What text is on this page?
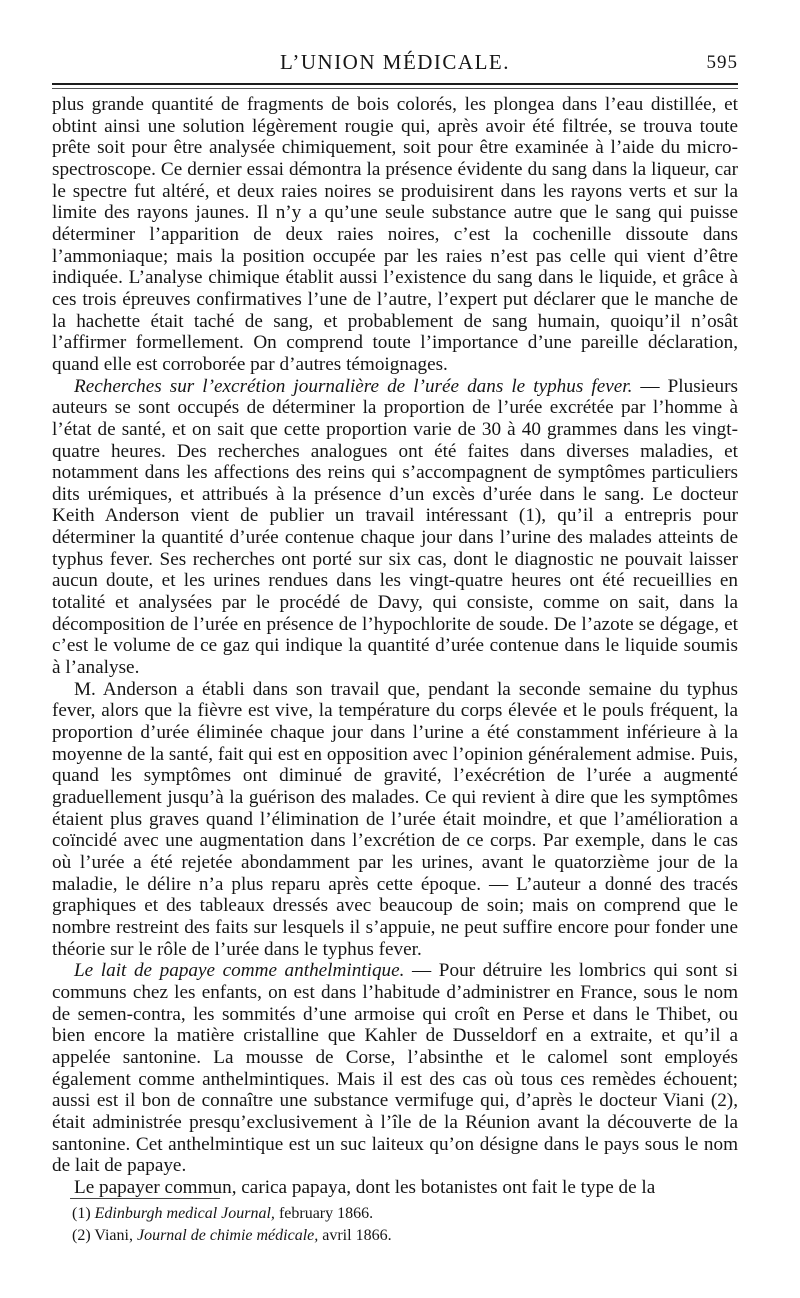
L’UNION MÉDICALE.	595

plus grande quantité de fragments de bois colorés, les plongea dans l’eau distillée, et obtint ainsi une solution légèrement rougie qui, après avoir été filtrée, se trouva toute prête soit pour être analysée chimiquement, soit pour être examinée à l’aide du micro-spectroscope. Ce dernier essai démontra la présence évidente du sang dans la liqueur, car le spectre fut altéré, et deux raies noires se produisirent dans les rayons verts et sur la limite des rayons jaunes. Il n’y a qu’une seule substance autre que le sang qui puisse déterminer l’apparition de deux raies noires, c’est la cochenille dissoute dans l’ammoniaque; mais la position occupée par les raies n’est pas celle qui vient d’être indiquée. L’analyse chimique établit aussi l’existence du sang dans le liquide, et grâce à ces trois épreuves confirmatives l’une de l’autre, l’expert put déclarer que le manche de la hachette était taché de sang, et probablement de sang humain, quoiqu’il n’osât l’affirmer formellement. On comprend toute l’importance d’une pareille déclaration, quand elle est corroborée par d’autres témoignages.

Recherches sur l’excrétion journalière de l’urée dans le typhus fever. — Plusieurs auteurs se sont occupés de déterminer la proportion de l’urée excrétée par l’homme à l’état de santé, et on sait que cette proportion varie de 30 à 40 grammes dans les vingt-quatre heures. Des recherches analogues ont été faites dans diverses maladies, et notamment dans les affections des reins qui s’accompagnent de symptômes particuliers dits urémiques, et attribués à la présence d’un excès d’urée dans le sang. Le docteur Keith Anderson vient de publier un travail intéressant (1), qu’il a entrepris pour déterminer la quantité d’urée contenue chaque jour dans l’urine des malades atteints de typhus fever. Ses recherches ont porté sur six cas, dont le diagnostic ne pouvait laisser aucun doute, et les urines rendues dans les vingt-quatre heures ont été recueillies en totalité et analysées par le procédé de Davy, qui consiste, comme on sait, dans la décomposition de l’urée en présence de l’hypochlorite de soude. De l’azote se dégage, et c’est le volume de ce gaz qui indique la quantité d’urée contenue dans le liquide soumis à l’analyse.

M. Anderson a établi dans son travail que, pendant la seconde semaine du typhus fever, alors que la fièvre est vive, la température du corps élevée et le pouls fréquent, la proportion d’urée éliminée chaque jour dans l’urine a été constamment inférieure à la moyenne de la santé, fait qui est en opposition avec l’opinion généralement admise. Puis, quand les symptômes ont diminué de gravité, l’exécrétion de l’urée a augmenté graduellement jusqu’à la guérison des malades. Ce qui revient à dire que les symptômes étaient plus graves quand l’élimination de l’urée était moindre, et que l’amélioration a coïncidé avec une augmentation dans l’excrétion de ce corps. Par exemple, dans le cas où l’urée a été rejetée abondamment par les urines, avant le quatorzième jour de la maladie, le délire n’a plus reparu après cette époque. — L’auteur a donné des tracés graphiques et des tableaux dressés avec beaucoup de soin; mais on comprend que le nombre restreint des faits sur lesquels il s’appuie, ne peut suffire encore pour fonder une théorie sur le rôle de l’urée dans le typhus fever.

Le lait de papaye comme anthelmintique. — Pour détruire les lombrics qui sont si communs chez les enfants, on est dans l’habitude d’administrer en France, sous le nom de semen-contra, les sommités d’une armoise qui croît en Perse et dans le Thibet, ou bien encore la matière cristalline que Kahler de Dusseldorf en a extraite, et qu’il a appelée santonine. La mousse de Corse, l’absinthe et le calomel sont employés également comme anthelmintiques. Mais il est des cas où tous ces remèdes échouent; aussi est il bon de connaître une substance vermifuge qui, d’après le docteur Viani (2), était administrée presqu’exclusivement à l’île de la Réunion avant la découverte de la santonine. Cet anthelmintique est un suc laiteux qu’on désigne dans le pays sous le nom de lait de papaye.

Le papayer commun, carica papaya, dont les botanistes ont fait le type de la

(1) Edinburgh medical Journal, february 1866.
(2) Viani, Journal de chimie médicale, avril 1866.
